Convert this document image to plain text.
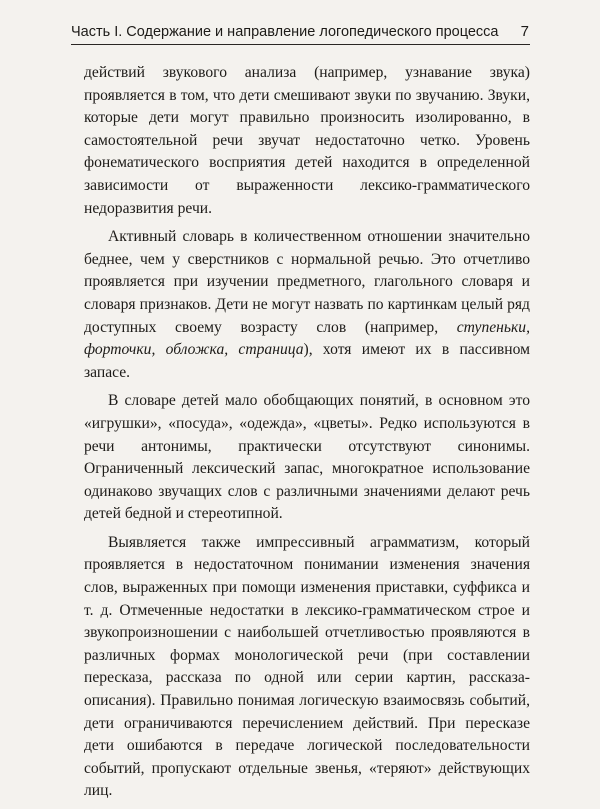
Часть I. Содержание и направление логопедического процесса 7

действий звукового анализа (например, узнавание звука) проявляется в том, что дети смешивают звуки по звучанию. Звуки, которые дети могут правильно произносить изолированно, в самостоятельной речи звучат недостаточно четко. Уровень фонематического восприятия детей находится в определенной зависимости от выраженности лексико-грамматического недоразвития речи.

Активный словарь в количественном отношении значительно беднее, чем у сверстников с нормальной речью. Это отчетливо проявляется при изучении предметного, глагольного словаря и словаря признаков. Дети не могут назвать по картинкам целый ряд доступных своему возрасту слов (например, ступеньки, форточки, обложка, страница), хотя имеют их в пассивном запасе.

В словаре детей мало обобщающих понятий, в основном это «игрушки», «посуда», «одежда», «цветы». Редко используются в речи антонимы, практически отсутствуют синонимы. Ограниченный лексический запас, многократное использование одинаково звучащих слов с различными значениями делают речь детей бедной и стереотипной.

Выявляется также импрессивный аграмматизм, который проявляется в недостаточном понимании изменения значения слов, выраженных при помощи изменения приставки, суффикса и т. д. Отмеченные недостатки в лексико-грамматическом строе и звукопроизношении с наибольшей отчетливостью проявляются в различных формах монологической речи (при составлении пересказа, рассказа по одной или серии картин, рассказа-описания). Правильно понимая логическую взаимосвязь событий, дети ограничиваются перечислением действий. При пересказе дети ошибаются в передаче логической последовательности событий, пропускают отдельные звенья, «теряют» действующих лиц.
